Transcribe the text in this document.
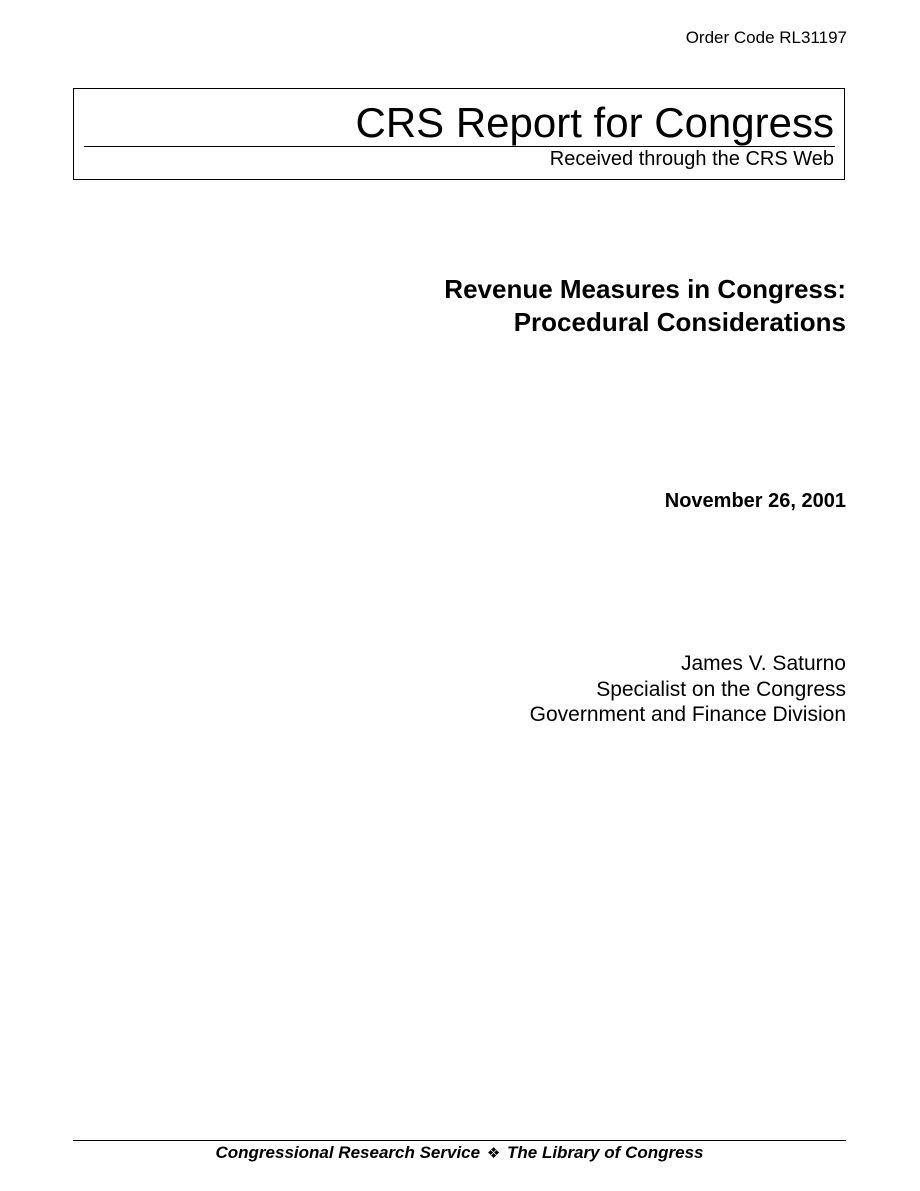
Order Code RL31197
CRS Report for Congress
Received through the CRS Web
Revenue Measures in Congress:
Procedural Considerations
November 26, 2001
James V. Saturno
Specialist on the Congress
Government and Finance Division
Congressional Research Service ❖ The Library of Congress
